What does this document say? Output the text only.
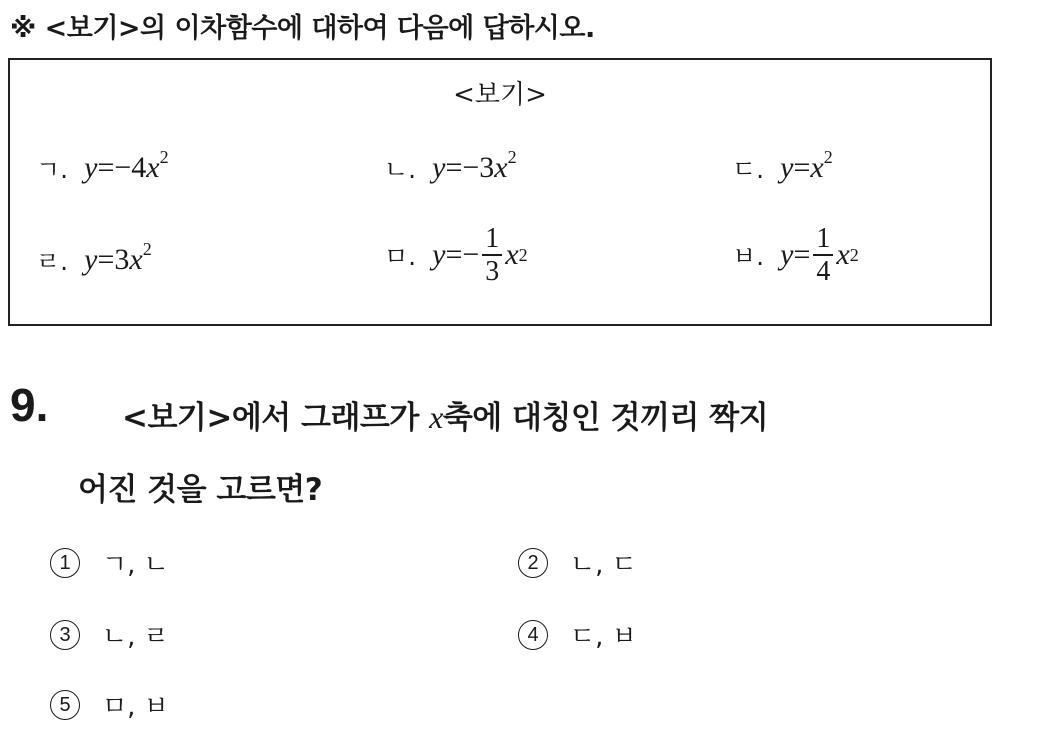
※ <보기>의 이차함수에 대하여 다음에 답하시오.
<보기>
ㄱ. $y=-4x^2$	ㄴ. $y=-3x^2$	ㄷ. $y=x^2$
ㄹ. $y=3x^2$	ㅁ. y = − $\frac{1}{3}$ x 2	ㅂ. $y = \frac{1}{4}$ x 2
9. <보기>에서 그래프가 x축에 대칭인 것끼리 짝지
어진 것을 고르면?
1	ㄱ, ㄴ	2	ㄴ, ㄷ
3	ㄴ, ㄹ	4	ㄷ, ㅂ
5	ㅁ, ㅂ
